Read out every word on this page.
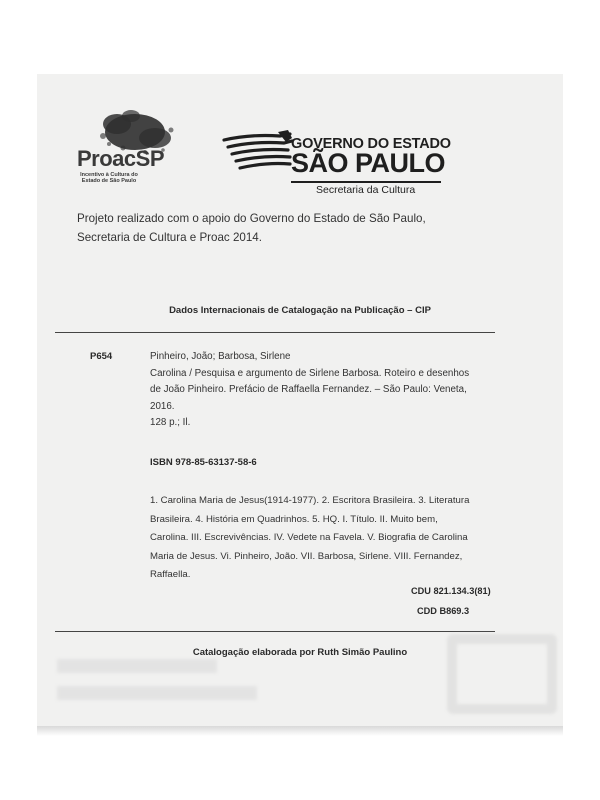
ProacSP
Incentivo à Cultura do Estado de São Paulo
GOVERNO DO ESTADO
SÃO PAULO
Secretaria da Cultura
Projeto realizado com o apoio do Governo do Estado de São Paulo,
Secretaria de Cultura e Proac 2014.
Dados Internacionais de Catalogação na Publicação – CIP
P654	Pinheiro, João; Barbosa, Sirlene
Carolina / Pesquisa e argumento de Sirlene Barbosa. Roteiro e desenhos
de João Pinheiro. Prefácio de Raffaella Fernandez. – São Paulo: Veneta,
2016.
128 p.; Il.
ISBN 978-85-63137-58-6
1. Carolina Maria de Jesus(1914-1977). 2. Escritora Brasileira. 3. Literatura
Brasileira. 4. História em Quadrinhos. 5. HQ. I. Título. II. Muito bem,
Carolina. III. Escrevivências. IV. Vedete na Favela. V. Biografia de Carolina
Maria de Jesus. Vi. Pinheiro, João. VII. Barbosa, Sirlene. VIII. Fernandez,
Raffaella.
CDU 821.134.3(81)
CDD B869.3
Catalogação elaborada por Ruth Simão Paulino
